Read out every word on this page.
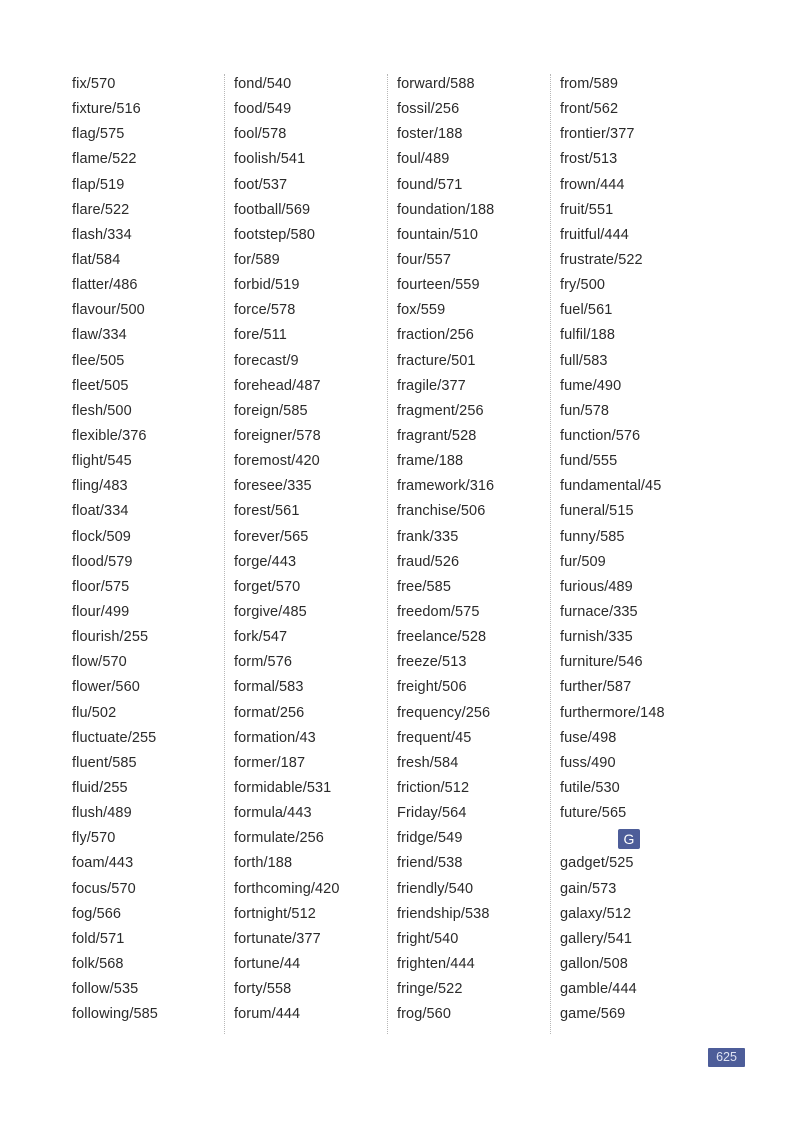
fix/570
fixture/516
flag/575
flame/522
flap/519
flare/522
flash/334
flat/584
flatter/486
flavour/500
flaw/334
flee/505
fleet/505
flesh/500
flexible/376
flight/545
fling/483
float/334
flock/509
flood/579
floor/575
flour/499
flourish/255
flow/570
flower/560
flu/502
fluctuate/255
fluent/585
fluid/255
flush/489
fly/570
foam/443
focus/570
fog/566
fold/571
folk/568
follow/535
following/585
fond/540
food/549
fool/578
foolish/541
foot/537
football/569
footstep/580
for/589
forbid/519
force/578
fore/511
forecast/9
forehead/487
foreign/585
foreigner/578
foremost/420
foresee/335
forest/561
forever/565
forge/443
forget/570
forgive/485
fork/547
form/576
formal/583
format/256
formation/43
former/187
formidable/531
formula/443
formulate/256
forth/188
forthcoming/420
fortnight/512
fortunate/377
fortune/44
forty/558
forum/444
forward/588
fossil/256
foster/188
foul/489
found/571
foundation/188
fountain/510
four/557
fourteen/559
fox/559
fraction/256
fracture/501
fragile/377
fragment/256
fragrant/528
frame/188
framework/316
franchise/506
frank/335
fraud/526
free/585
freedom/575
freelance/528
freeze/513
freight/506
frequency/256
frequent/45
fresh/584
friction/512
Friday/564
fridge/549
friend/538
friendly/540
friendship/538
fright/540
frighten/444
fringe/522
frog/560
from/589
front/562
frontier/377
frost/513
frown/444
fruit/551
fruitful/444
frustrate/522
fry/500
fuel/561
fulfil/188
full/583
fume/490
fun/578
function/576
fund/555
fundamental/45
funeral/515
funny/585
fur/509
furious/489
furnace/335
furnish/335
furniture/546
further/587
furthermore/148
fuse/498
fuss/490
futile/530
future/565
G
gadget/525
gain/573
galaxy/512
gallery/541
gallon/508
gamble/444
game/569
625
